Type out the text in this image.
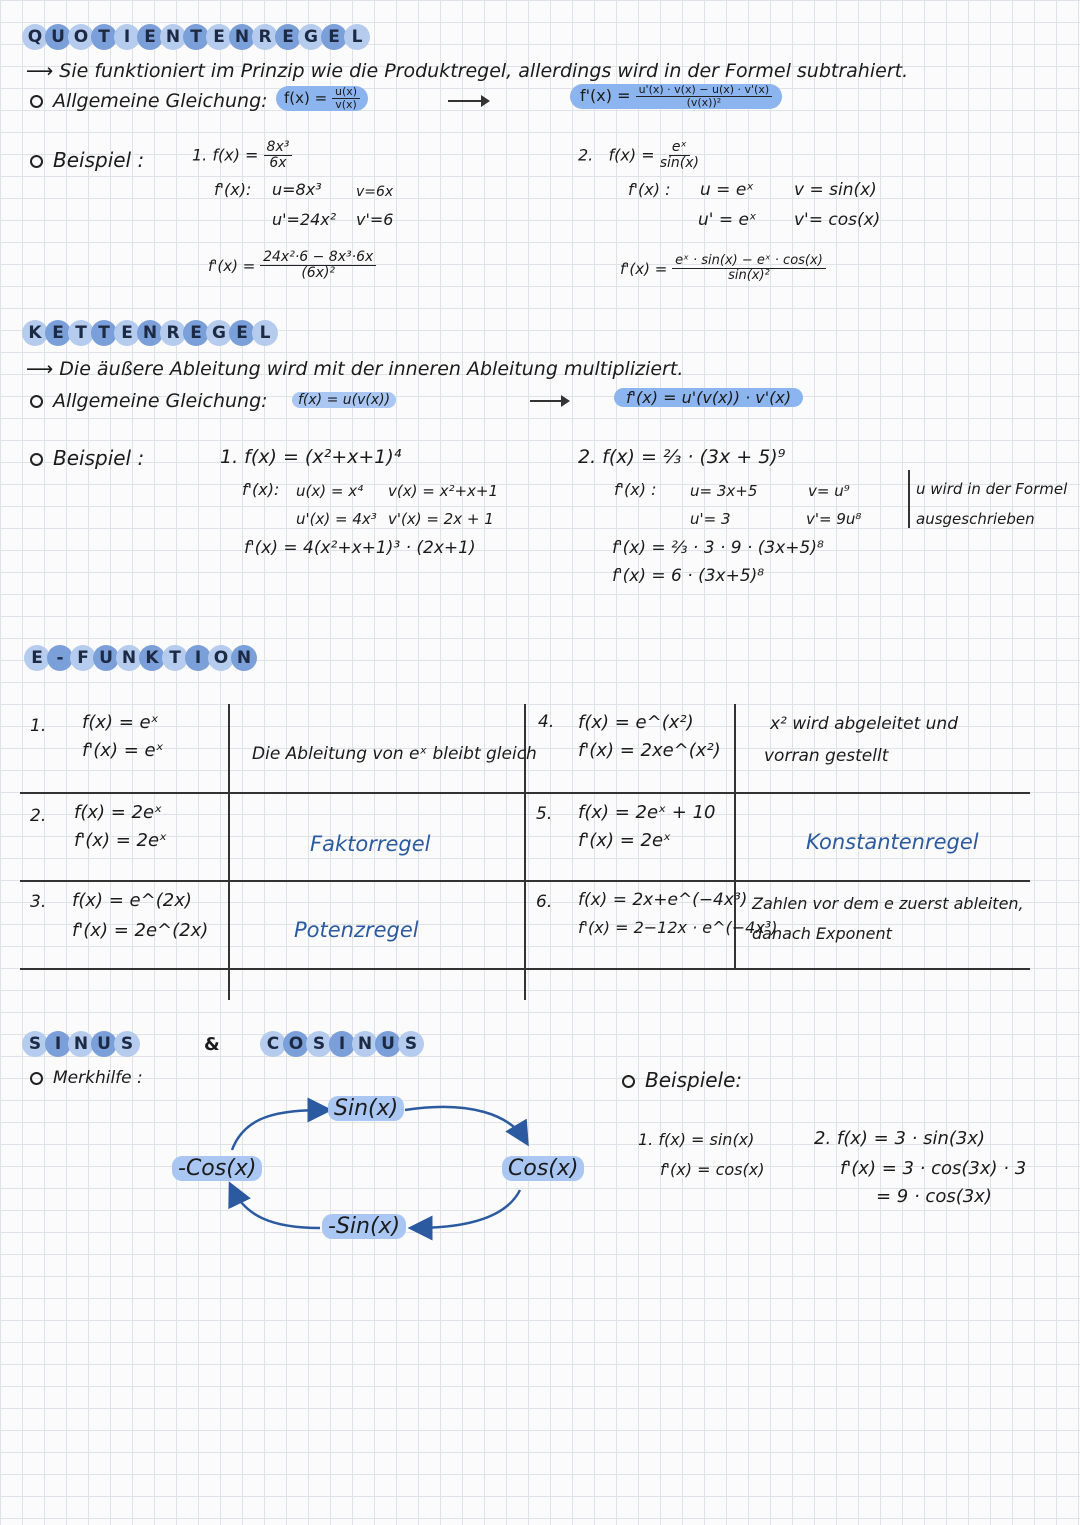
Q U O T I E N T E N R E G E L
⟶ Sie funktioniert im Prinzip wie die Produktregel, allerdings wird in der Formel subtrahiert.
Allgemeine Gleichung:	$f(x) = \frac{u(x)}{v(x)}$	$f'(x) = \frac{u'(x) \cdot v(x) - u(x) \cdot v'(x)}{\text{(v(x))²}}$
Beispiel :	1. $f(x) = \frac{\text{8x³}}{6x}$
f'(x): u=8x³ v=6x
u'=24x² v'=6
$f'(x) = \frac{\text{24x²·6 − 8x³·6x}}{\text{(6x)²}}$
2. $f(x) = \frac{\text{eˣ}}{\sin(x)}$
f'(x) : u = eˣ v = sin(x)
u' = eˣ v'= cos(x)
$f'(x) = \frac{\text{eˣ · sin(x) − eˣ · cos(x)}}{\text{sin(x)²}}$
K E T T E N R E G E L
⟶ Die äußere Ableitung wird mit der inneren Ableitung multipliziert.
Allgemeine Gleichung:	f(x) = u(v(x))	f'(x) = u'(v(x)) · v'(x)
Beispiel :	1. f(x) = (x²+x+1)⁴
f'(x): u(x) = x⁴ v(x) = x²+x+1
u'(x) = 4x³ v'(x) = 2x + 1
f'(x) = 4(x²+x+1)³ · (2x+1)
2. f(x) = ⅔ · (3x + 5)⁹
f'(x) : u= 3x+5	v= u⁹
u'= 3	v'= 9u⁸
f'(x) = ⅔ · 3 · 9 · (3x+5)⁸
f'(x) = 6 · (3x+5)⁸
u wird in der Formel
ausgeschrieben
E - F U N K T I O N
1. f(x) = eˣ
f'(x) = eˣ	Die Ableitung von eˣ bleibt gleich
4. f(x) = e^(x²)
f'(x) = 2xe^(x²)
x² wird abgeleitet und
vorran gestellt
2. f(x) = 2eˣ
f'(x) = 2eˣ	Faktorregel
5. f(x) = 2eˣ + 10
f'(x) = 2eˣ	Konstantenregel
3. f(x) = e^(2x)
f'(x) = 2e^(2x)	Potenzregel
6. f(x) = 2x+e^(−4x³)
f'(x) = 2−12x · e^(−4x³)
Zahlen vor dem e zuerst ableiten,
danach Exponent
S I N U S	&	C O S I N U S
Merkhilfe :
Sin(x)
Cos(x)
-Sin(x)
-Cos(x)
Beispiele:
1. f(x) = sin(x)
f'(x) = cos(x)
2. f(x) = 3 · sin(3x)
f'(x) = 3 · cos(3x) · 3
= 9 · cos(3x)
